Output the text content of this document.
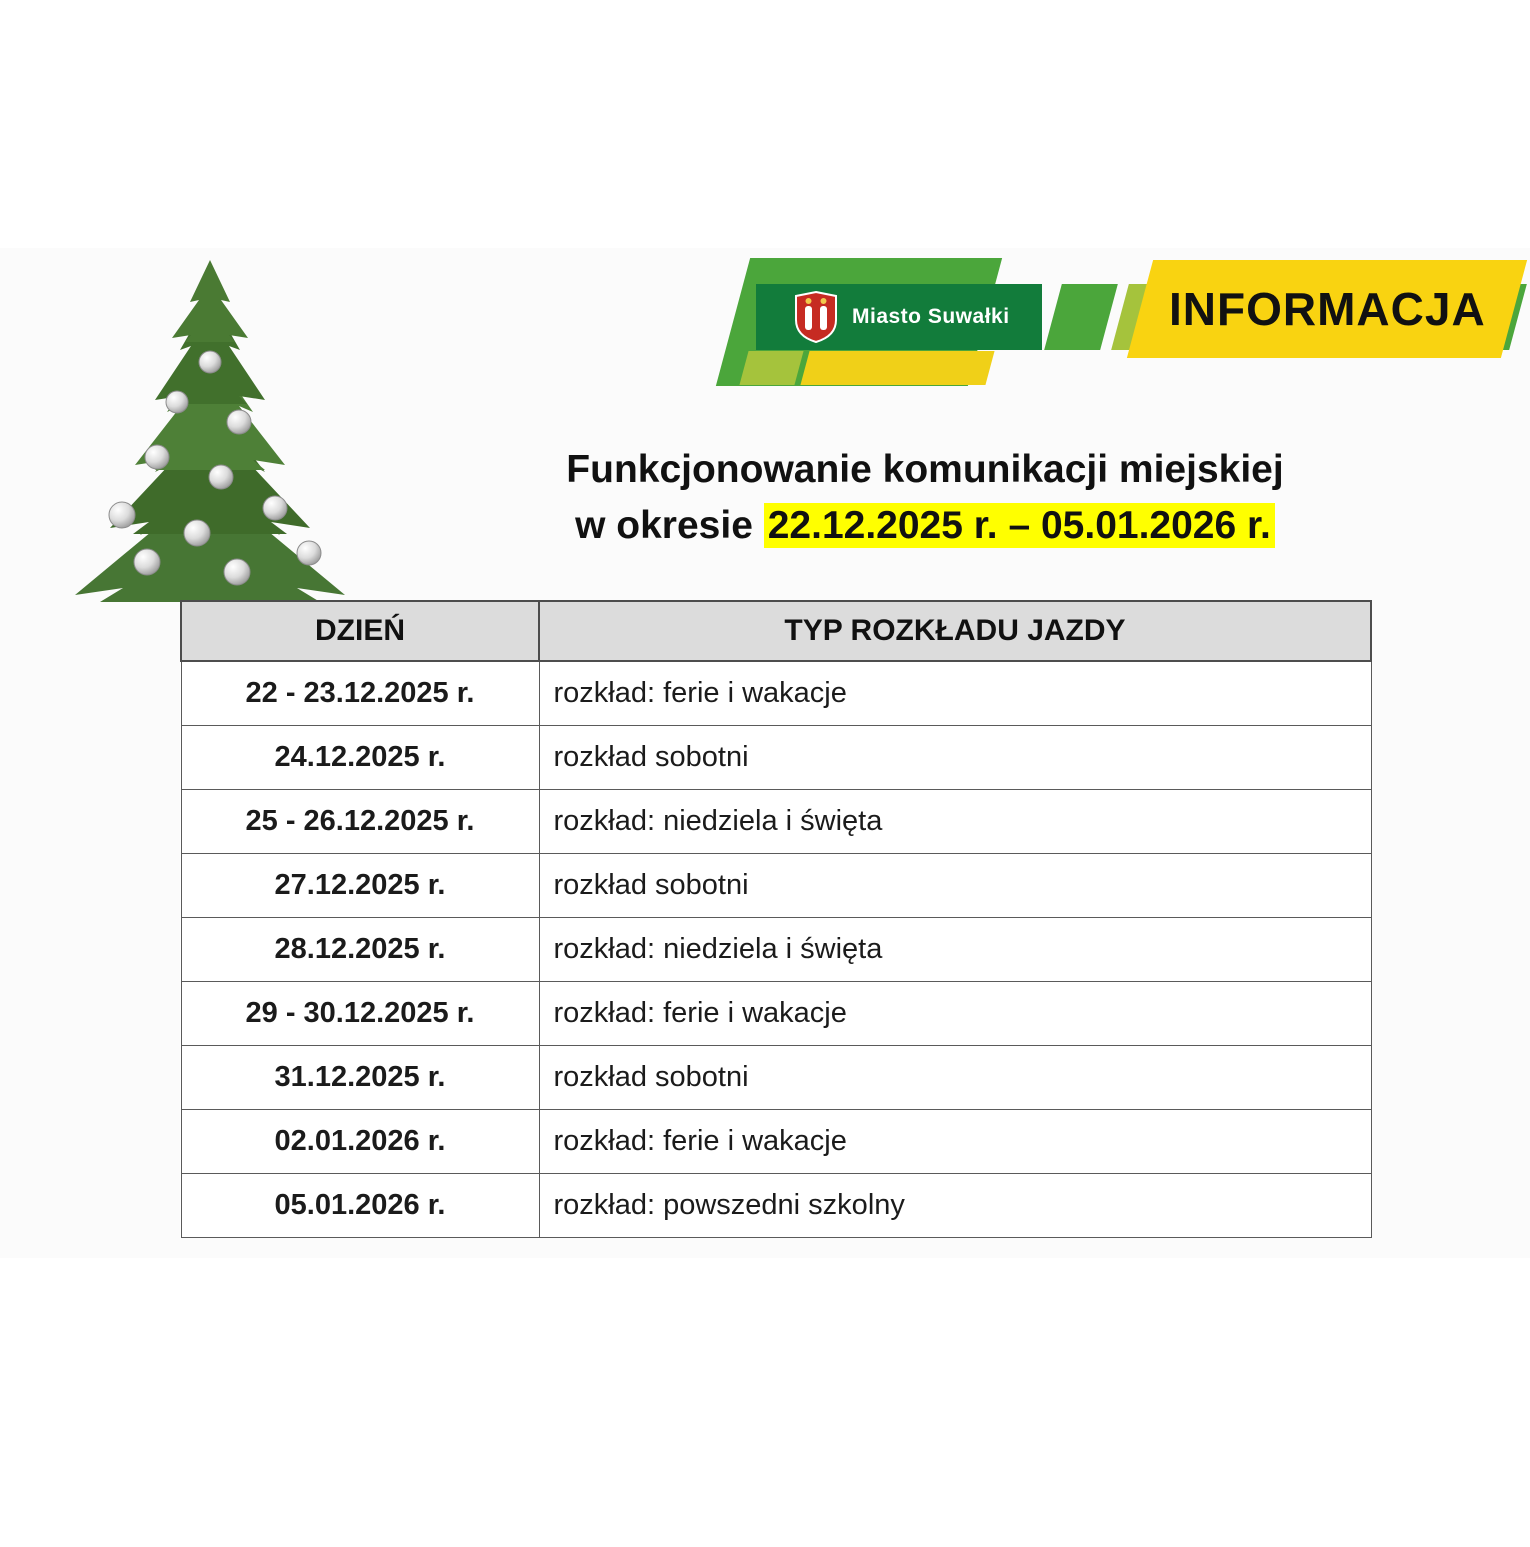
Miasto Suwałki	INFORMACJA
Funkcjonowanie komunikacji miejskiej
w okresie 22.12.2025 r. – 05.01.2026 r.
DZIEŃ	TYP ROZKŁADU JAZDY
22 - 23.12.2025 r.	rozkład: ferie i wakacje
24.12.2025 r.	rozkład sobotni
25 - 26.12.2025 r.	rozkład: niedziela i święta
27.12.2025 r.	rozkład sobotni
28.12.2025 r.	rozkład: niedziela i święta
29 - 30.12.2025 r.	rozkład: ferie i wakacje
31.12.2025 r.	rozkład sobotni
02.01.2026 r.	rozkład: ferie i wakacje
05.01.2026 r.	rozkład: powszedni szkolny
